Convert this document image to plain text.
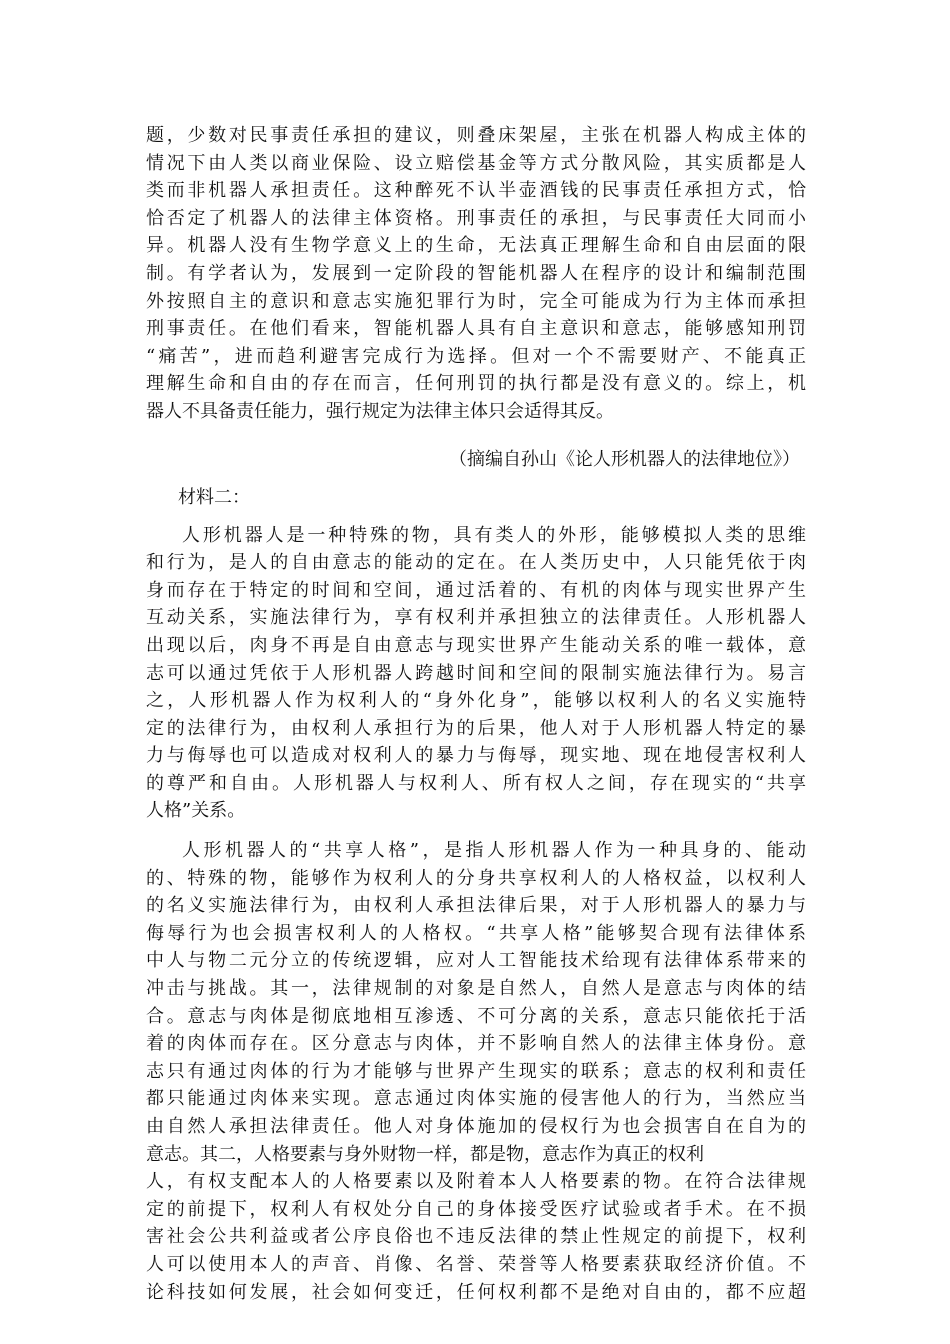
题，少数对民事责任承担的建议，则叠床架屋，主张在机器人构成主体的
情况下由人类以商业保险、设立赔偿基金等方式分散风险，其实质都是人
类而非机器人承担责任。这种醉死不认半壶酒钱的民事责任承担方式，恰
恰否定了机器人的法律主体资格。刑事责任的承担，与民事责任大同而小
异。机器人没有生物学意义上的生命，无法真正理解生命和自由层面的限
制。有学者认为，发展到一定阶段的智能机器人在程序的设计和编制范围
外按照自主的意识和意志实施犯罪行为时，完全可能成为行为主体而承担
刑事责任。在他们看来，智能机器人具有自主意识和意志，能够感知刑罚
“痛苦”，进而趋利避害完成行为选择。但对一个不需要财产、不能真正
理解生命和自由的存在而言，任何刑罚的执行都是没有意义的。综上，机
器人不具备责任能力，强行规定为法律主体只会适得其反。
（摘编自孙山《论人形机器人的法律地位》）
材料二：
人形机器人是一种特殊的物，具有类人的外形，能够模拟人类的思维
和行为，是人的自由意志的能动的定在。在人类历史中，人只能凭依于肉
身而存在于特定的时间和空间，通过活着的、有机的肉体与现实世界产生
互动关系，实施法律行为，享有权利并承担独立的法律责任。人形机器人
出现以后，肉身不再是自由意志与现实世界产生能动关系的唯一载体，意
志可以通过凭依于人形机器人跨越时间和空间的限制实施法律行为。易言
之，人形机器人作为权利人的“身外化身”，能够以权利人的名义实施特
定的法律行为，由权利人承担行为的后果，他人对于人形机器人特定的暴
力与侮辱也可以造成对权利人的暴力与侮辱，现实地、现在地侵害权利人
的尊严和自由。人形机器人与权利人、所有权人之间，存在现实的“共享
人格”关系。
人形机器人的“共享人格”，是指人形机器人作为一种具身的、能动
的、特殊的物，能够作为权利人的分身共享权利人的人格权益，以权利人
的名义实施法律行为，由权利人承担法律后果，对于人形机器人的暴力与
侮辱行为也会损害权利人的人格权。“共享人格”能够契合现有法律体系
中人与物二元分立的传统逻辑，应对人工智能技术给现有法律体系带来的
冲击与挑战。其一，法律规制的对象是自然人，自然人是意志与肉体的结
合。意志与肉体是彻底地相互渗透、不可分离的关系，意志只能依托于活
着的肉体而存在。区分意志与肉体，并不影响自然人的法律主体身份。意
志只有通过肉体的行为才能够与世界产生现实的联系；意志的权利和责任
都只能通过肉体来实现。意志通过肉体实施的侵害他人的行为，当然应当
由自然人承担法律责任。他人对身体施加的侵权行为也会损害自在自为的
意志。其二，人格要素与身外财物一样，都是物，意志作为真正的权利
人，有权支配本人的人格要素以及附着本人人格要素的物。在符合法律规
定的前提下，权利人有权处分自己的身体接受医疗试验或者手术。在不损
害社会公共利益或者公序良俗也不违反法律的禁止性规定的前提下，权利
人可以使用本人的声音、肖像、名誉、荣誉等人格要素获取经济价值。不
论科技如何发展，社会如何变迁，任何权利都不是绝对自由的，都不应超
